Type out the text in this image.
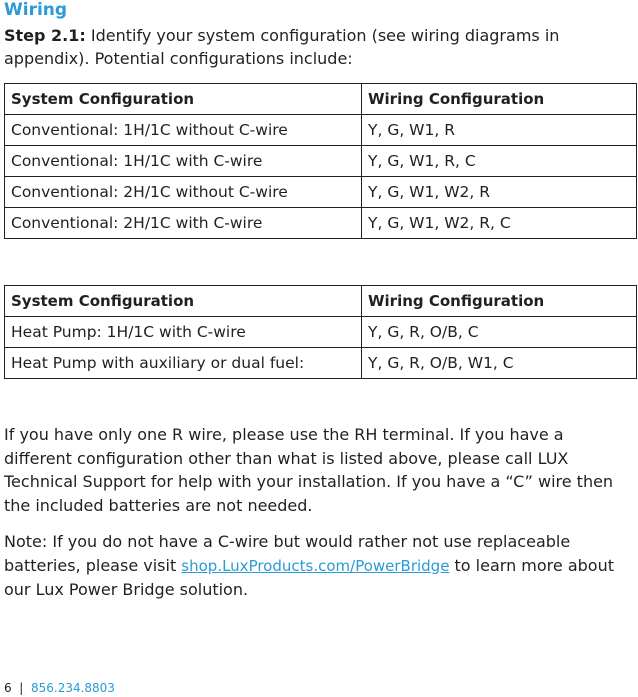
Wiring
Step 2.1: Identify your system configuration (see wiring diagrams in appendix). Potential configurations include:
System Configuration	Wiring Configuration
Conventional: 1H/1C without C-wire	Y, G, W1, R
Conventional: 1H/1C with C-wire	Y, G, W1, R, C
Conventional: 2H/1C without C-wire	Y, G, W1, W2, R
Conventional: 2H/1C with C-wire	Y, G, W1, W2, R, C
System Configuration	Wiring Configuration
Heat Pump: 1H/1C with C-wire	Y, G, R, O/B, C
Heat Pump with auxiliary or dual fuel:	Y, G, R, O/B, W1, C
If you have only one R wire, please use the RH terminal. If you have a different configuration other than what is listed above, please call LUX Technical Support for help with your installation. If you have a “C” wire then the included batteries are not needed.
Note: If you do not have a C-wire but would rather not use replaceable batteries, please visit shop.LuxProducts.com/PowerBridge to learn more about our Lux Power Bridge solution.
6 | 856.234.8803
